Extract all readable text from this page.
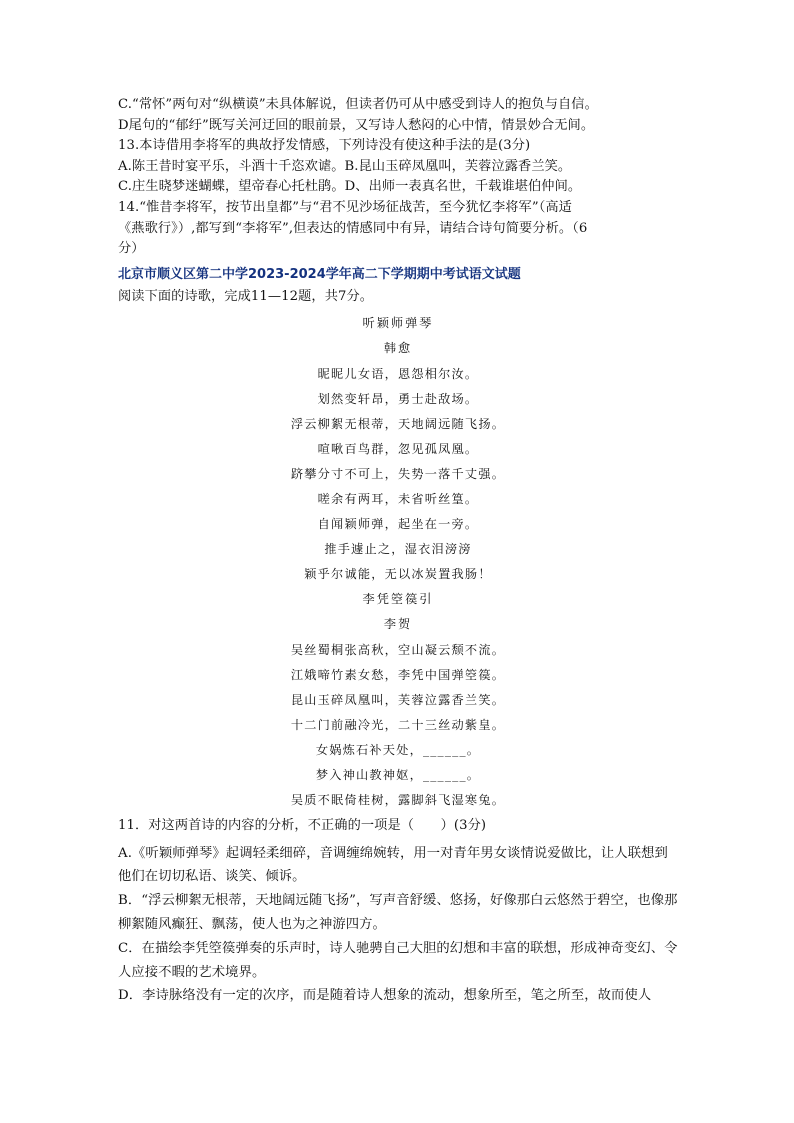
C.“常怀”两句对“纵横谟”未具体解说，但读者仍可从中感受到诗人的抱负与自信。
D尾句的“郁纡”既写关河迂回的眼前景，又写诗人愁闷的心中情，情景妙合无间。
13.本诗借用李将军的典故抒发情感，下列诗没有使这种手法的是(3分)
A.陈王昔时宴平乐，斗酒十千恣欢谑。B.昆山玉碎凤凰叫，芙蓉泣露香兰笑。
C.庄生晓梦迷蝴蝶，望帝春心托杜鹃。D、出师一表真名世，千载谁堪伯仲间。
14.“惟昔李将军，按节出皇都”与“君不见沙场征战苦，至今犹忆李将军”（高适
《燕歌行》）,都写到“李将军”,但表达的情感同中有异，请结合诗句简要分析。（6
分）
北京市顺义区第二中学2023-2024学年高二下学期期中考试语文试题
阅读下面的诗歌，完成11—12题，共7分。
听颖师弹琴
韩愈
昵昵儿女语，恩怨相尔汝。
划然变轩昂，勇士赴敌场。
浮云柳絮无根蒂，天地阔远随飞扬。
喧啾百鸟群，忽见孤凤凰。
跻攀分寸不可上，失势一落千丈强。
嗟余有两耳，未省听丝篁。
自闻颖师弹，起坐在一旁。
推手遽止之，湿衣泪滂滂
颖乎尔诚能，无以冰炭置我肠！
李凭箜篌引
李贺
吴丝蜀桐张高秋，空山凝云颓不流。
江娥啼竹素女愁，李凭中国弹箜篌。
昆山玉碎凤凰叫，芙蓉泣露香兰笑。
十二门前融冷光，二十三丝动紫皇。
女娲炼石补天处，______。
梦入神山教神妪，______。
吴质不眠倚桂树，露脚斜飞湿寒兔。
11．对这两首诗的内容的分析，不正确的一项是（　　）(3分)
A.《听颖师弹琴》起调轻柔细碎，音调缠绵婉转，用一对青年男女谈情说爱做比，让人联想到他们在切切私语、谈笑、倾诉。
B．“浮云柳絮无根蒂，天地阔远随飞扬”，写声音舒缓、悠扬，好像那白云悠然于碧空，也像那柳絮随风癫狂、飘荡，使人也为之神游四方。
C．在描绘李凭箜篌弹奏的乐声时，诗人驰骋自己大胆的幻想和丰富的联想，形成神奇变幻、令人应接不暇的艺术境界。
D．李诗脉络没有一定的次序，而是随着诗人想象的流动，想象所至，笔之所至，故而使人
